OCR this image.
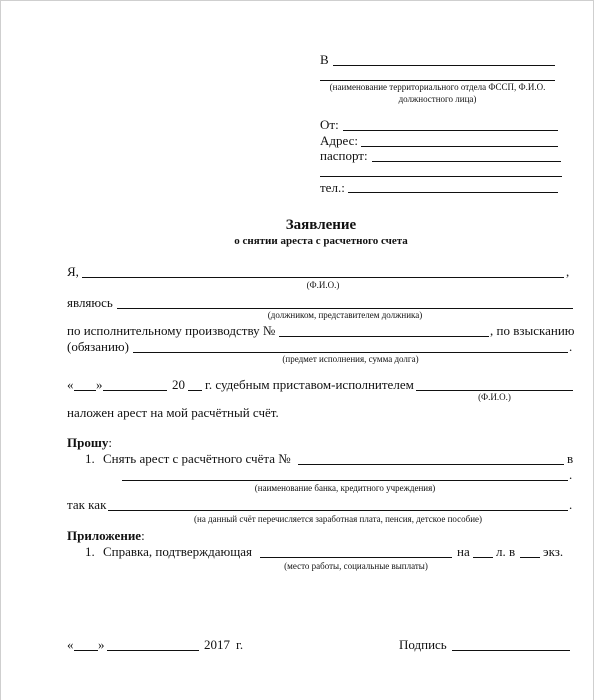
В
(наименование территориального отдела ФССП, Ф.И.О.
должностного лица)
От:
Адрес:
паспорт:
тел.:
Заявление
о снятии ареста с расчетного счета
Я,	,
(Ф.И.О.)
являюсь
(должником, представителем должника)
по исполнительному производству №	, по взысканию
(обязанию)	.
(предмет исполнения, сумма долга)
« »	20 г. судебным приставом-исполнителем
(Ф.И.О.)
наложен арест на мой расчётный счёт.
Прошу:
1. Снять арест с расчётного счёта №	в
.
(наименование банка, кредитного учреждения)
так как	.
(на данный счёт перечисляется заработная плата, пенсия, детское пособие)
Приложение:
1. Справка, подтверждающая	на л. в экз.
(место работы, социальные выплаты)
« »	2017 г.	Подпись
